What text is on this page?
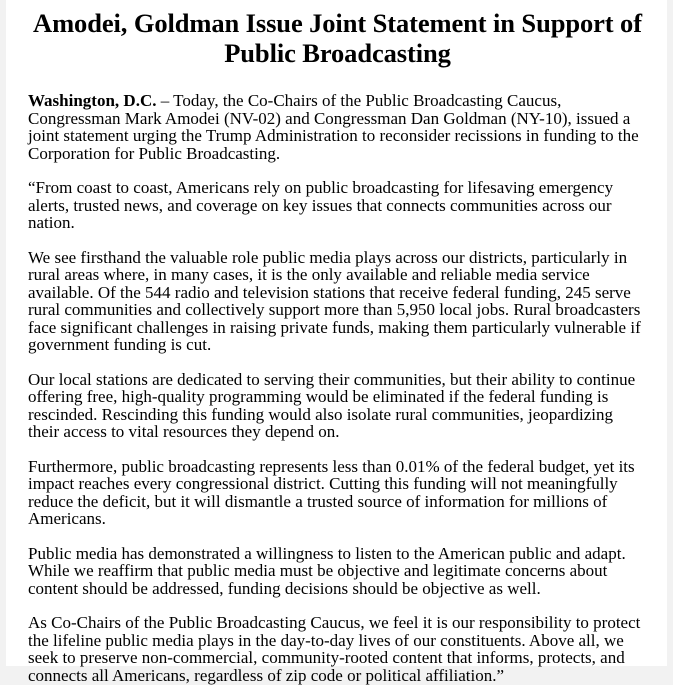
Amodei, Goldman Issue Joint Statement in Support of Public Broadcasting

Washington, D.C. – Today, the Co-Chairs of the Public Broadcasting Caucus, Congressman Mark Amodei (NV-02) and Congressman Dan Goldman (NY-10), issued a joint statement urging the Trump Administration to reconsider recissions in funding to the Corporation for Public Broadcasting.

“From coast to coast, Americans rely on public broadcasting for lifesaving emergency alerts, trusted news, and coverage on key issues that connects communities across our nation.

We see firsthand the valuable role public media plays across our districts, particularly in rural areas where, in many cases, it is the only available and reliable media service available. Of the 544 radio and television stations that receive federal funding, 245 serve rural communities and collectively support more than 5,950 local jobs. Rural broadcasters face significant challenges in raising private funds, making them particularly vulnerable if government funding is cut.

Our local stations are dedicated to serving their communities, but their ability to continue offering free, high-quality programming would be eliminated if the federal funding is rescinded. Rescinding this funding would also isolate rural communities, jeopardizing their access to vital resources they depend on.

Furthermore, public broadcasting represents less than 0.01% of the federal budget, yet its impact reaches every congressional district. Cutting this funding will not meaningfully reduce the deficit, but it will dismantle a trusted source of information for millions of Americans.

Public media has demonstrated a willingness to listen to the American public and adapt. While we reaffirm that public media must be objective and legitimate concerns about content should be addressed, funding decisions should be objective as well.

As Co-Chairs of the Public Broadcasting Caucus, we feel it is our responsibility to protect the lifeline public media plays in the day-to-day lives of our constituents. Above all, we seek to preserve non-commercial, community-rooted content that informs, protects, and connects all Americans, regardless of zip code or political affiliation.”
